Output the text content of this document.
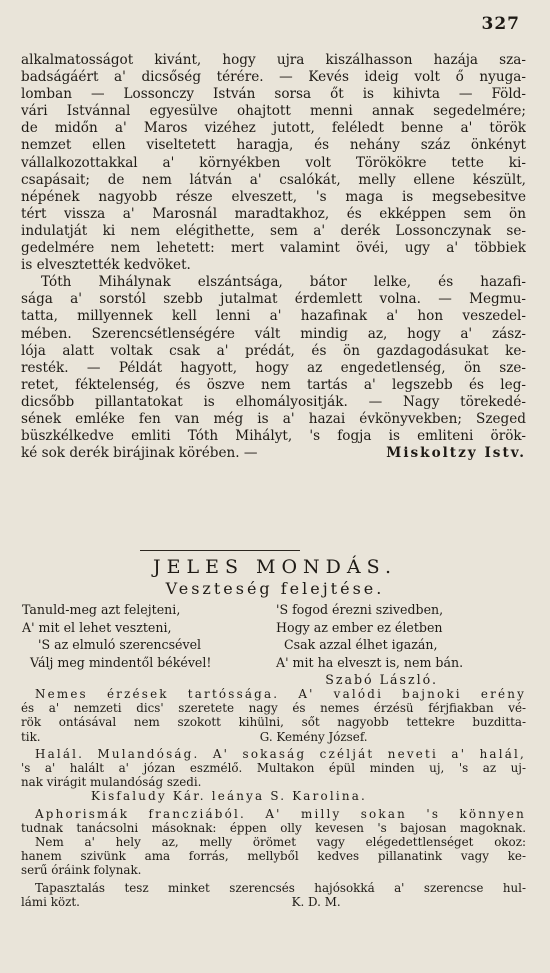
327
alkalmatosságot kivánt, hogy ujra kiszálhasson hazája sza-
badságáért a' dicsőség térére. — Kevés ideig volt ő nyuga-
lomban — Lossonczy István sorsa őt is kihivta — Föld-
vári Istvánnal egyesülve ohajtott menni annak segedelmére;
de midőn a' Maros vizéhez jutott, feléledt benne a' török
nemzet ellen viseltetett haragja, és nehány száz önkényt
vállalkozottakkal a' környékben volt Törökökre tette ki-
csapásait; de nem látván a' csalókát, melly ellene készült,
népének nagyobb része elveszett, 's maga is megsebesitve
tért vissza a' Marosnál maradtakhoz, és ekképpen sem ön
indulatját ki nem elégithette, sem a' derék Lossonczynak se-
gedelmére nem lehetett: mert valamint övéi, ugy a' többiek
is elvesztették kedvöket.
Tóth Mihálynak elszántsága, bátor lelke, és hazafi-
sága a' sorstól szebb jutalmat érdemlett volna. — Megmu-
tatta, millyennek kell lenni a' hazafinak a' hon veszedel-
mében. Szerencsétlenségére vált mindig az, hogy a' zász-
lója alatt voltak csak a' prédát, és ön gazdagodásukat ke-
resték. — Példát hagyott, hogy az engedetlenség, ön sze-
retet, féktelenség, és öszve nem tartás a' legszebb és leg-
dicsőbb pillantatokat is elhomályositják. — Nagy törekedé-
sének emléke fen van még is a' hazai évkönyvekben; Szeged
büszkélkedve emliti Tóth Mihályt, 's fogja is emliteni örök-
ké sok derék birájinak körében. —	Miskoltzy Istv.
JELES MONDÁS.
Veszteség felejtése.
Tanuld-meg azt felejteni,
A' mit el lehet veszteni,
'S az elmuló szerencsével
Válj meg mindentől békével!
'S fogod érezni szivedben,
Hogy az ember ez életben
Csak azzal élhet igazán,
A' mit ha elveszt is, nem bán.
Szabó László.
Nemes érzések tartóssága. A' valódi bajnoki erény
és a' nemzeti dics' szeretete nagy és nemes érzésü férjfiakban vé-
rök ontásával nem szokott kihülni, sőt nagyobb tettekre buzditta-
tik.                                                          G. Kemény József.
Halál. Mulandóság. A' sokaság czélját neveti a' halál,
's a' halált a' józan eszmélő. Multakon épül minden uj, 's az uj-
nak virágit mulandóság szedi.
Kisfaludy Kár. leánya S. Karolina.
Aphorismák francziából. A' milly sokan 's könnyen
tudnak tanácsolni másoknak: éppen olly kevesen 's bajosan magoknak.
Nem a' hely az, melly örömet vagy elégedettlenséget okoz:
hanem szivünk ama forrás, mellyből kedves pillanatink vagy ke-
serű óráink folynak.
Tapasztalás tesz minket szerencsés hajósokká a' szerencse hul-
lámi közt.                                                        K. D. M.
